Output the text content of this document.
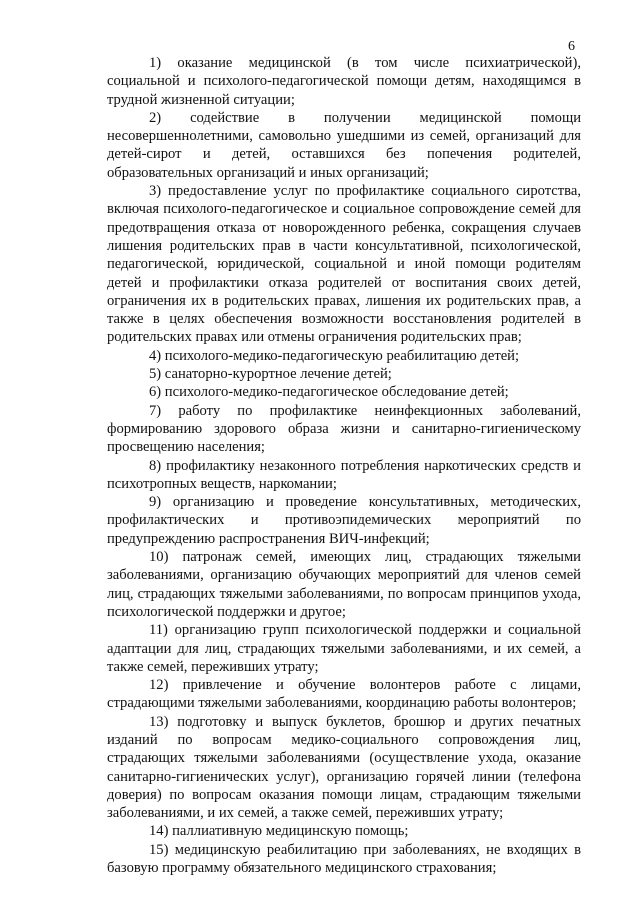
6

1) оказание медицинской (в том числе психиатрической), социальной и психолого-педагогической помощи детям, находящимся в трудной жизненной ситуации;

2) содействие в получении медицинской помощи несовершеннолетними, самовольно ушедшими из семей, организаций для детей-сирот и детей, оставшихся без попечения родителей, образовательных организаций и иных организаций;

3) предоставление услуг по профилактике социального сиротства, включая психолого-педагогическое и социальное сопровождение семей для предотвращения отказа от новорожденного ребенка, сокращения случаев лишения родительских прав в части консультативной, психологической, педагогической, юридической, социальной и иной помощи родителям детей и профилактики отказа родителей от воспитания своих детей, ограничения их в родительских правах, лишения их родительских прав, а также в целях обеспечения возможности восстановления родителей в родительских правах или отмены ограничения родительских прав;

4) психолого-медико-педагогическую реабилитацию детей;

5) санаторно-курортное лечение детей;

6) психолого-медико-педагогическое обследование детей;

7) работу по профилактике неинфекционных заболеваний, формированию здорового образа жизни и санитарно-гигиеническому просвещению населения;

8) профилактику незаконного потребления наркотических средств и психотропных веществ, наркомании;

9) организацию и проведение консультативных, методических, профилактических и противоэпидемических мероприятий по предупреждению распространения ВИЧ-инфекций;

10) патронаж семей, имеющих лиц, страдающих тяжелыми заболеваниями, организацию обучающих мероприятий для членов семей лиц, страдающих тяжелыми заболеваниями, по вопросам принципов ухода, психологической поддержки и другое;

11) организацию групп психологической поддержки и социальной адаптации для лиц, страдающих тяжелыми заболеваниями, и их семей, а также семей, переживших утрату;

12) привлечение и обучение волонтеров работе с лицами, страдающими тяжелыми заболеваниями, координацию работы волонтеров;

13) подготовку и выпуск буклетов, брошюр и других печатных изданий по вопросам медико-социального сопровождения лиц, страдающих тяжелыми заболеваниями (осуществление ухода, оказание санитарно-гигиенических услуг), организацию горячей линии (телефона доверия) по вопросам оказания помощи лицам, страдающим тяжелыми заболеваниями, и их семей, а также семей, переживших утрату;

14) паллиативную медицинскую помощь;

15) медицинскую реабилитацию при заболеваниях, не входящих в базовую программу обязательного медицинского страхования;
